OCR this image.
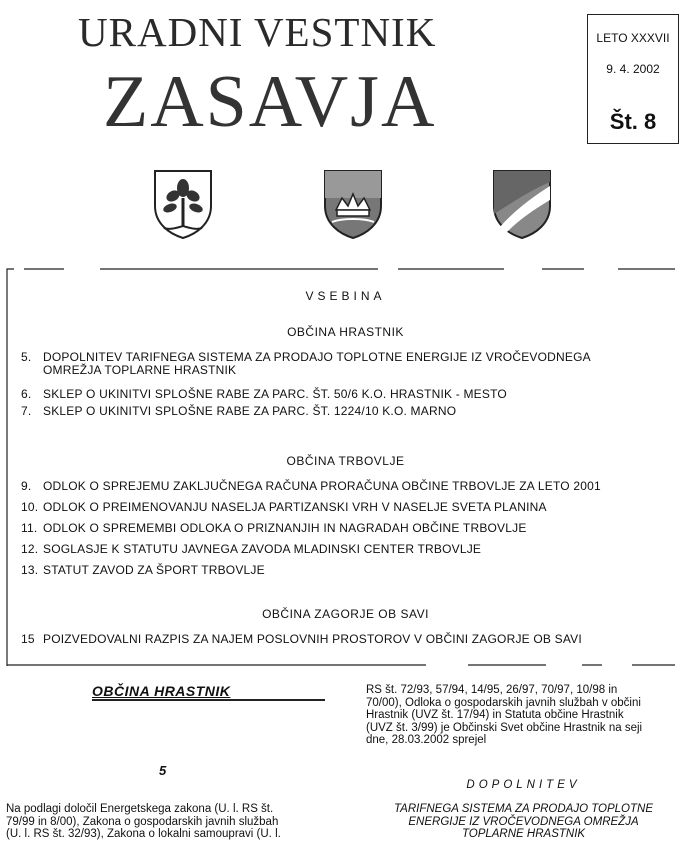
URADNI VESTNIK
ZASAVJA
LETO XXXVII
9. 4. 2002
Št. 8
VSEBINA
OBČINA HRASTNIK
5. DOPOLNITEV TARIFNEGA SISTEMA ZA PRODAJO TOPLOTNE ENERGIJE IZ VROČEVODNEGA
OMREŽJA TOPLARNE HRASTNIK
6. SKLEP O UKINITVI SPLOŠNE RABE ZA PARC. ŠT. 50/6 K.O. HRASTNIK - MESTO
7. SKLEP O UKINITVI SPLOŠNE RABE ZA PARC. ŠT. 1224/10 K.O. MARNO
OBČINA TRBOVLJE
9. ODLOK O SPREJEMU ZAKLJUČNEGA RAČUNA PRORAČUNA OBČINE TRBOVLJE ZA LETO 2001
10. ODLOK O PREIMENOVANJU NASELJA PARTIZANSKI VRH V NASELJE SVETA PLANINA
11. ODLOK O SPREMEMBI ODLOKA O PRIZNANJIH IN NAGRADAH OBČINE TRBOVLJE
12. SOGLASJE K STATUTU JAVNEGA ZAVODA MLADINSKI CENTER TRBOVLJE
13. STATUT ZAVOD ZA ŠPORT TRBOVLJE
OBČINA ZAGORJE OB SAVI
15 POIZVEDOVALNI RAZPIS ZA NAJEM POSLOVNIH PROSTOROV V OBČINI ZAGORJE OB SAVI
OBČINA HRASTNIK
5
Na podlagi določil Energetskega zakona (U. l. RS št.
79/99 in 8/00), Zakona o gospodarskih javnih službah
(U. l. RS št. 32/93), Zakona o lokalni samoupravi (U. l.
RS št. 72/93, 57/94, 14/95, 26/97, 70/97, 10/98 in
70/00), Odloka o gospodarskih javnih službah v občini
Hrastnik (UVZ št. 17/94) in Statuta občine Hrastnik
(UVZ št. 3/99) je Občinski Svet občine Hrastnik na seji
dne, 28.03.2002 sprejel
DOPOLNITEV
TARIFNEGA SISTEMA ZA PRODAJO TOPLOTNE
ENERGIJE IZ VROČEVODNEGA OMREŽJA
TOPLARNE HRASTNIK
